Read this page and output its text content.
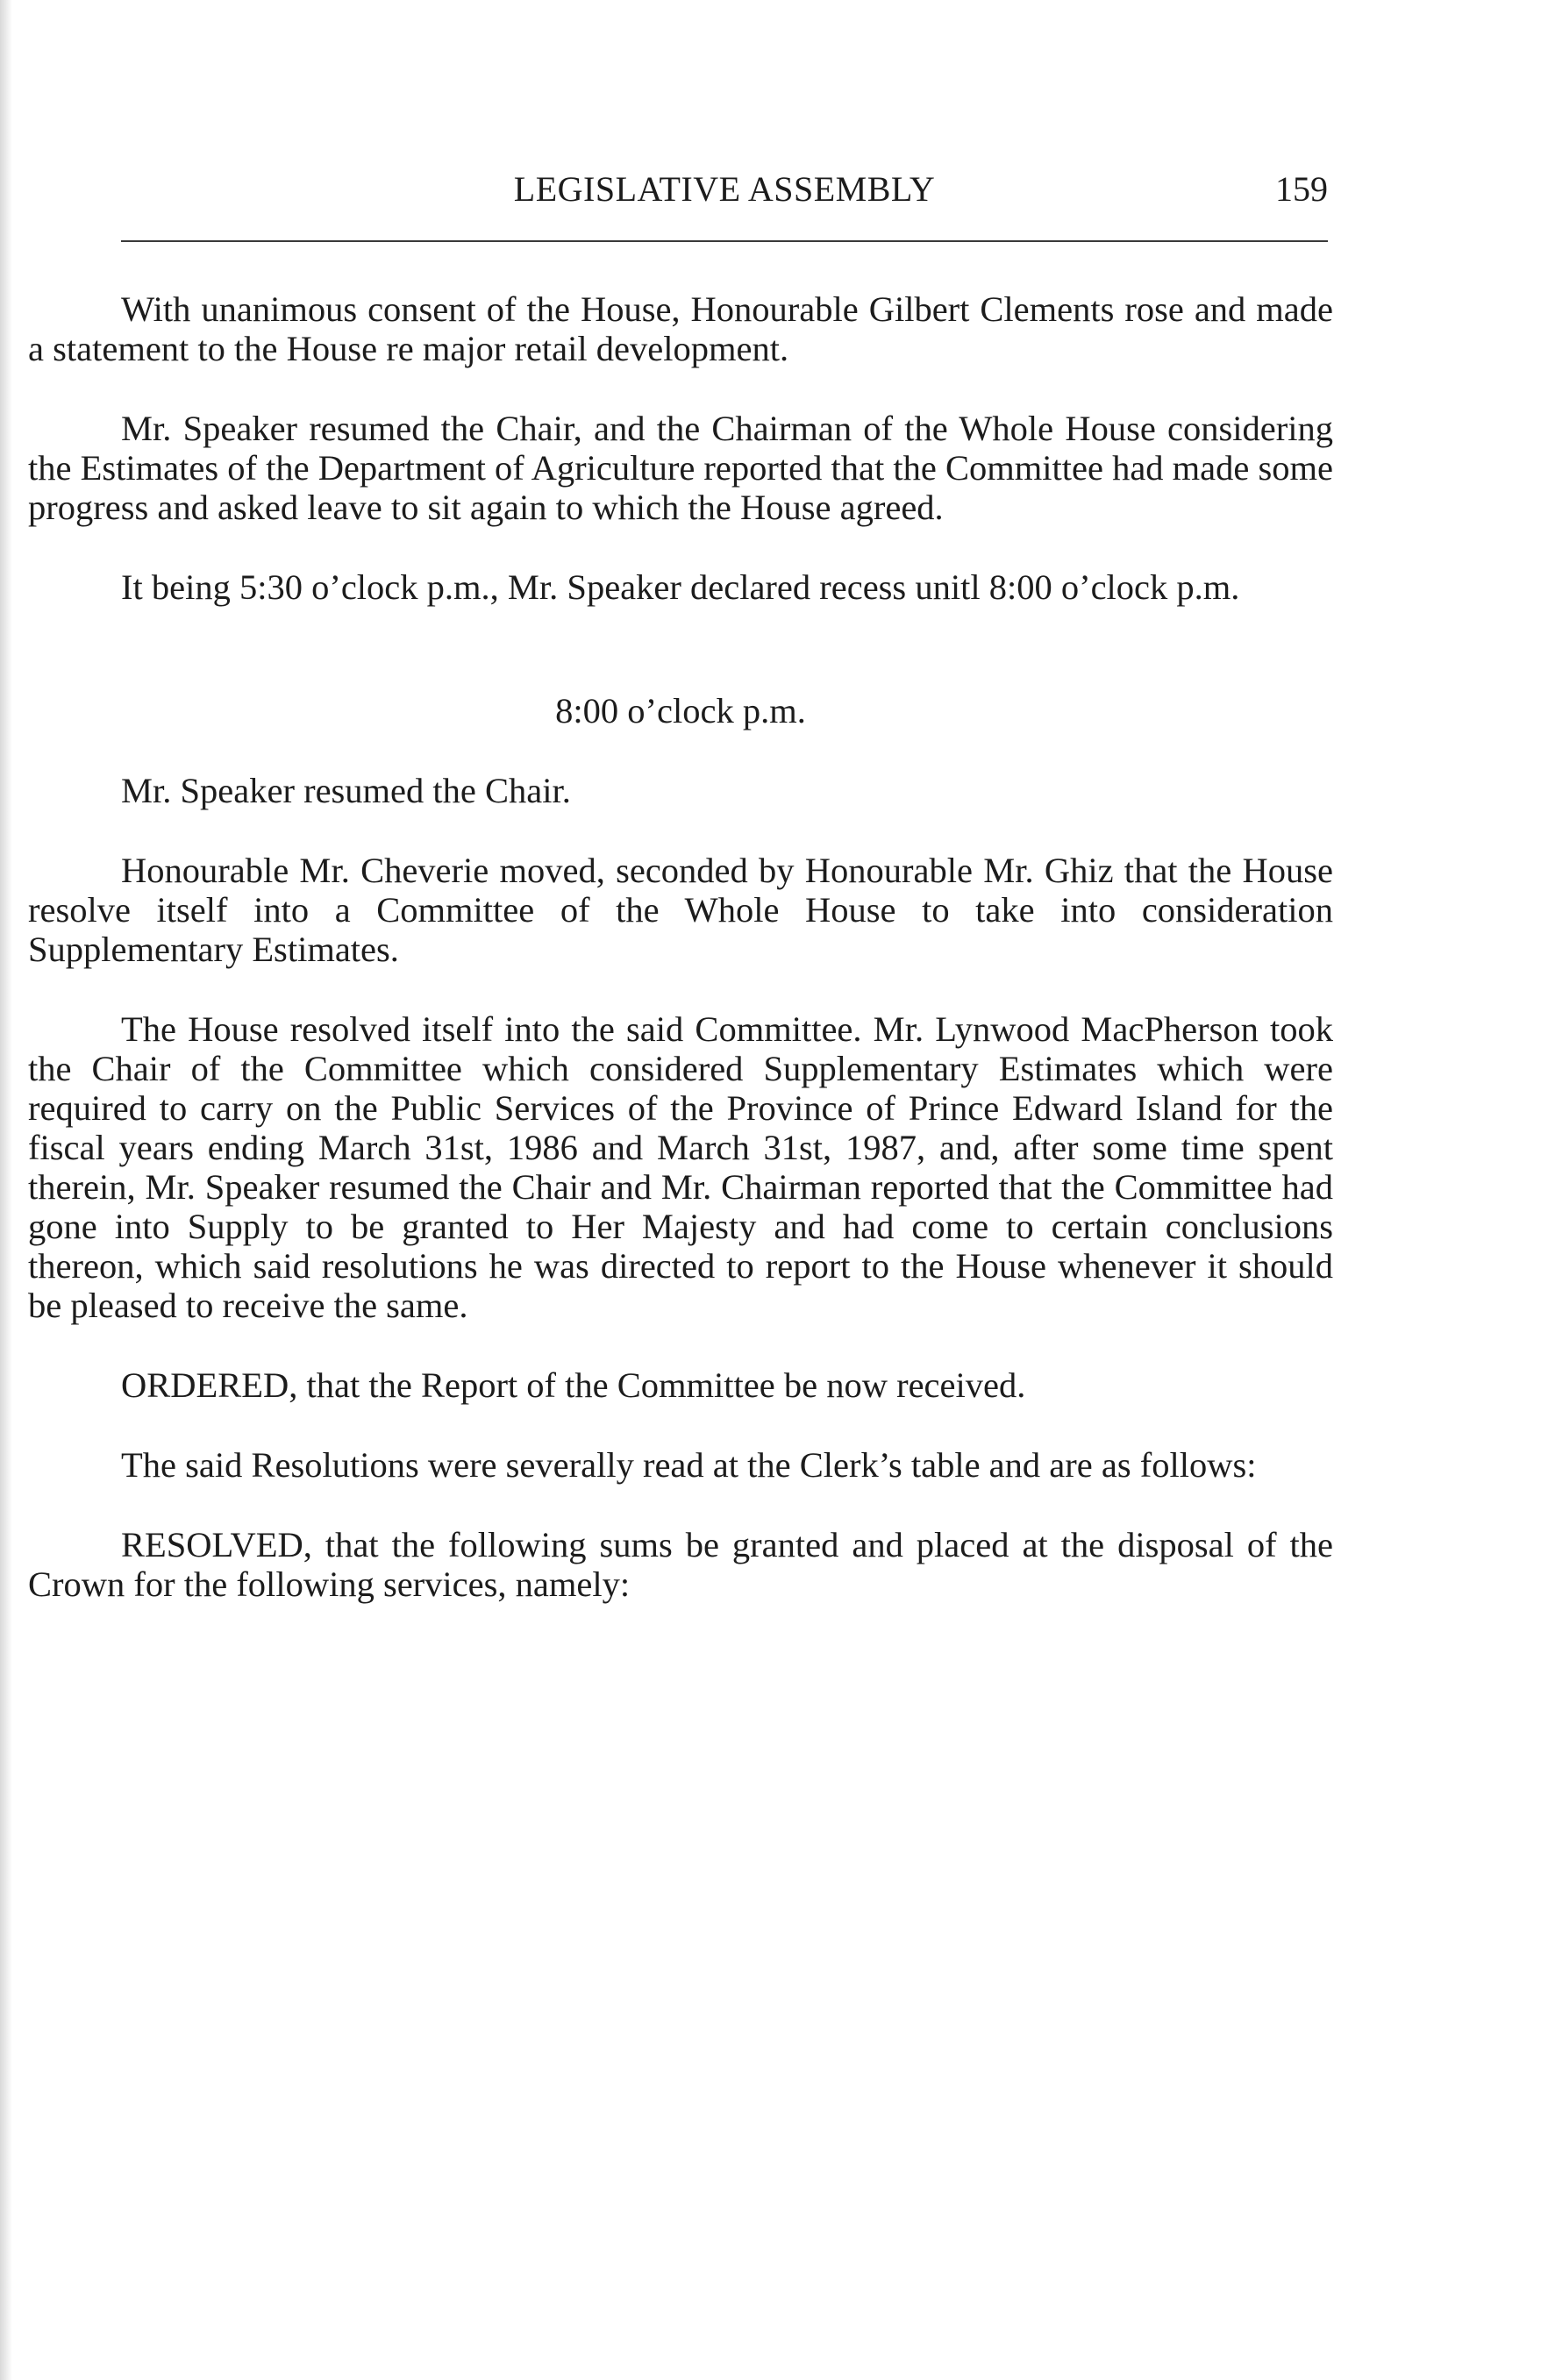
LEGISLATIVE ASSEMBLY	159

With unanimous consent of the House, Honourable Gilbert Clements rose and made a statement to the House re major retail development.

Mr. Speaker resumed the Chair, and the Chairman of the Whole House considering the Estimates of the Department of Agriculture reported that the Committee had made some progress and asked leave to sit again to which the House agreed.

It being 5:30 o’clock p.m., Mr. Speaker declared recess unitl 8:00 o’clock p.m.

8:00 o’clock p.m.

Mr. Speaker resumed the Chair.

Honourable Mr. Cheverie moved, seconded by Honourable Mr. Ghiz that the House resolve itself into a Committee of the Whole House to take into consideration Supplementary Estimates.

The House resolved itself into the said Committee. Mr. Lynwood MacPherson took the Chair of the Committee which considered Supplementary Estimates which were required to carry on the Public Services of the Province of Prince Edward Island for the fiscal years ending March 31st, 1986 and March 31st, 1987, and, after some time spent therein, Mr. Speaker resumed the Chair and Mr. Chairman reported that the Committee had gone into Supply to be granted to Her Majesty and had come to certain conclusions thereon, which said resolutions he was directed to report to the House whenever it should be pleased to receive the same.

ORDERED, that the Report of the Committee be now received.

The said Resolutions were severally read at the Clerk’s table and are as follows:

RESOLVED, that the following sums be granted and placed at the disposal of the Crown for the following services, namely:
